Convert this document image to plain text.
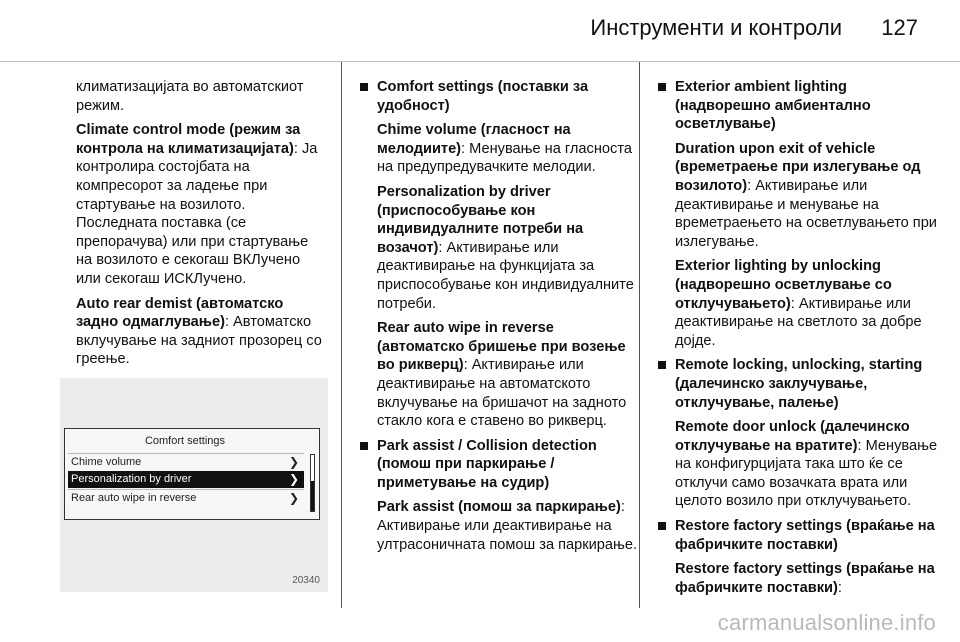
Инструменти и контроли 127

климатизацијата во автоматскиот режим.

Climate control mode (режим за контрола на климатизацијата): Ја контролира состојбата на компресорот за ладење при стартување на возилото. Последната поставка (се препорачува) или при стартување на возилото е секогаш ВКЛучено или секогаш ИСКЛучено.

Auto rear demist (автоматско задно одмаглување): Автоматско вклучување на задниот прозорец со греење.

Comfort settings
Chime volume	❯
Personalization by driver	❯
Rear auto wipe in reverse	❯
20340

Comfort settings (поставки за удобност)

Chime volume (гласност на мелодиите): Менување на гласноста на предупредувачките мелодии.

Personalization by driver (приспособување кон индивидуалните потреби на возачот): Активирање или деактивирање на функцијата за приспособување кон индивидуалните потреби.

Rear auto wipe in reverse (автоматско бришење при возење во рикверц): Активирање или деактивирање на автоматското вклучување на бришачот на задното стакло кога е ставено во рикверц.

Park assist / Collision detection (помош при паркирање / приметување на судир)

Park assist (помош за паркирање): Активирање или деактивирање на ултрасоничната помош за паркирање.

Exterior ambient lighting (надворешно амбиентално осветлување)

Duration upon exit of vehicle (времетраење при излегување од возилото): Активирање или деактивирање и менување на времетраењето на осветлувањето при излегување.

Exterior lighting by unlocking (надворешно осветлување со отклучувањето): Активирање или деактивирање на светлото за добре дојде.

Remote locking, unlocking, starting (далечинско заклучување, отклучување, палење)

Remote door unlock (далечинско отклучување на вратите): Менување на конфигурцијата така што ќе се отклучи само возачката врата или целото возило при отклучувањето.

Restore factory settings (враќање на фабричките поставки)

Restore factory settings (враќање на фабричките поставки):

carmanualsonline.info
